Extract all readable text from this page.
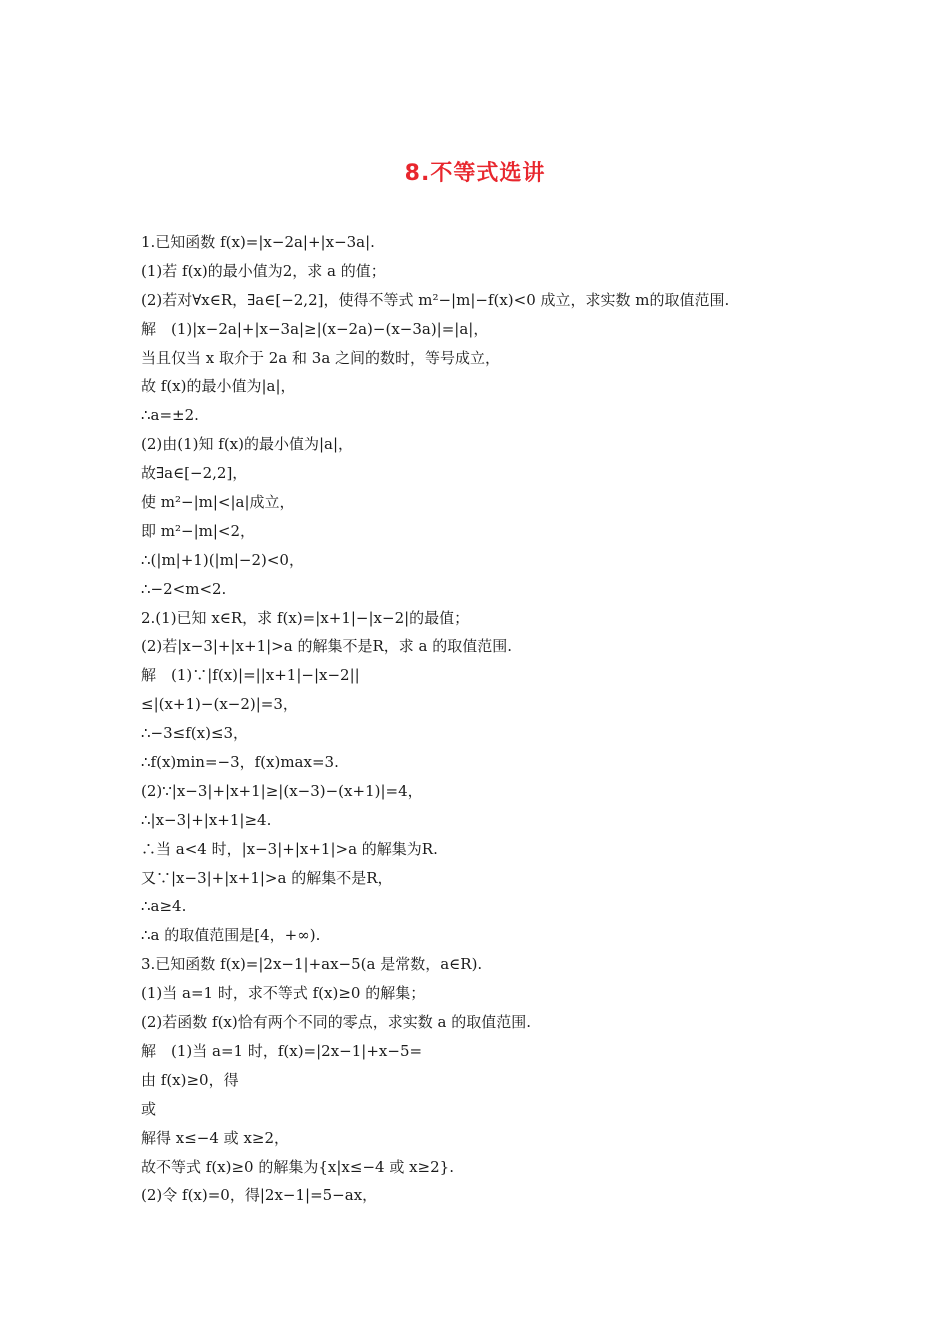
8.不等式选讲
1.已知函数 f(x)=|x−2a|+|x−3a|.
(1)若 f(x)的最小值为2，求 a 的值；
(2)若对∀x∈R，∃a∈[−2,2]，使得不等式 m²−|m|−f(x)<0 成立，求实数 m的取值范围.
解　(1)|x−2a|+|x−3a|≥|(x−2a)−(x−3a)|=|a|，
当且仅当 x 取介于 2a 和 3a 之间的数时，等号成立，
故 f(x)的最小值为|a|，
∴a=±2.
(2)由(1)知 f(x)的最小值为|a|，
故∃a∈[−2,2]，
使 m²−|m|<|a|成立，
即 m²−|m|<2，
∴(|m|+1)(|m|−2)<0，
∴−2<m<2.
2.(1)已知 x∈R，求 f(x)=|x+1|−|x−2|的最值；
(2)若|x−3|+|x+1|>a 的解集不是R，求 a 的取值范围.
解　(1)∵|f(x)|=||x+1|−|x−2||
≤|(x+1)−(x−2)|=3，
∴−3≤f(x)≤3，
∴f(x)min=−3，f(x)max=3.
(2)∵|x−3|+|x+1|≥|(x−3)−(x+1)|=4，
∴|x−3|+|x+1|≥4.
∴当 a<4 时，|x−3|+|x+1|>a 的解集为R.
又∵|x−3|+|x+1|>a 的解集不是R，
∴a≥4.
∴a 的取值范围是[4，+∞).
3.已知函数 f(x)=|2x−1|+ax−5(a 是常数，a∈R).
(1)当 a=1 时，求不等式 f(x)≥0 的解集；
(2)若函数 f(x)恰有两个不同的零点，求实数 a 的取值范围.
解　(1)当 a=1 时，f(x)=|2x−1|+x−5=
由 f(x)≥0，得
或
解得 x≤−4 或 x≥2，
故不等式 f(x)≥0 的解集为{x|x≤−4 或 x≥2}.
(2)令 f(x)=0，得|2x−1|=5−ax，
